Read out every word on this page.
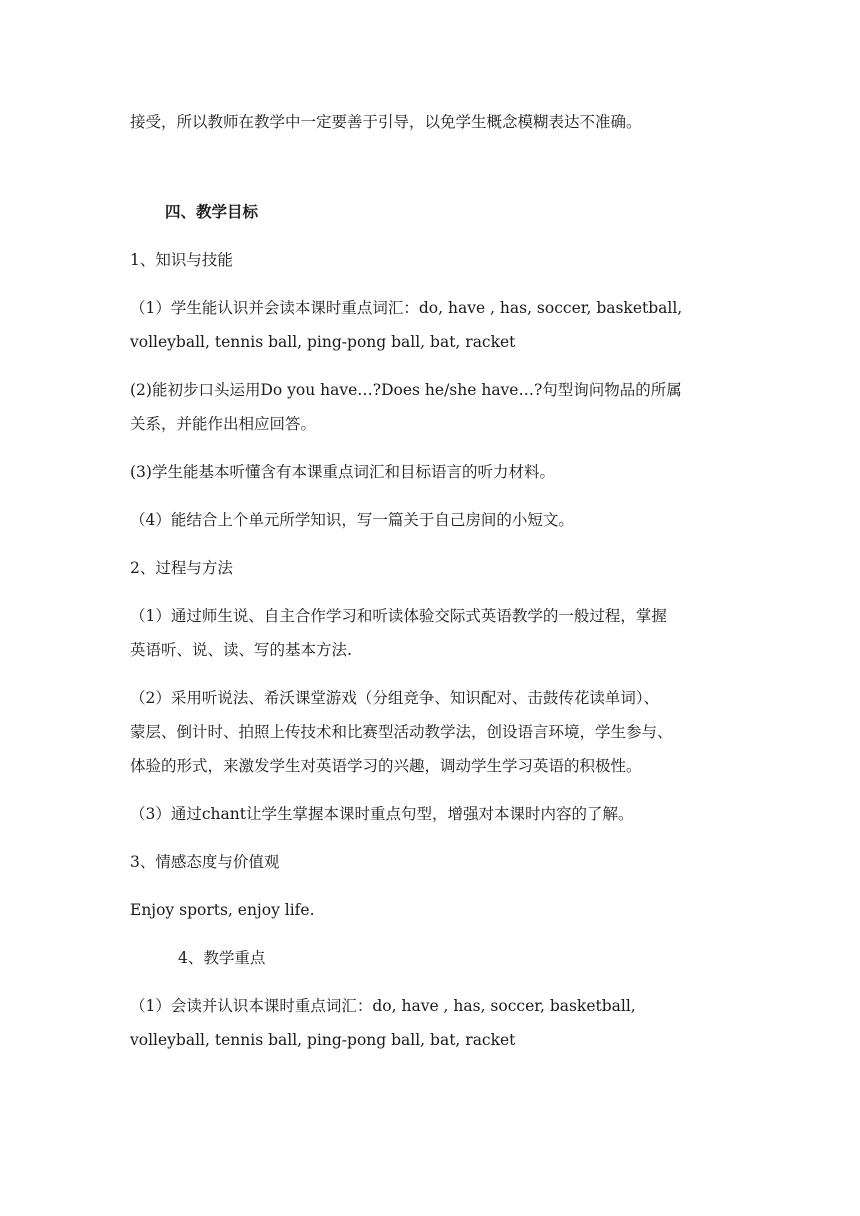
接受，所以教师在教学中一定要善于引导，以免学生概念模糊表达不准确。
四、教学目标
1、知识与技能
（1）学生能认识并会读本课时重点词汇：do, have , has, soccer, basketball,
volleyball, tennis ball, ping-pong ball, bat, racket
(2)能初步口头运用Do you have…?Does he/she have…?句型询问物品的所属
关系，并能作出相应回答。
(3)学生能基本听懂含有本课重点词汇和目标语言的听力材料。
（4）能结合上个单元所学知识，写一篇关于自己房间的小短文。
2、过程与方法
（1）通过师生说、自主合作学习和听读体验交际式英语教学的一般过程，掌握
英语听、说、读、写的基本方法.
（2）采用听说法、希沃课堂游戏（分组竞争、知识配对、击鼓传花读单词）、
蒙层、倒计时、拍照上传技术和比赛型活动教学法，创设语言环境，学生参与、
体验的形式，来激发学生对英语学习的兴趣，调动学生学习英语的积极性。
（3）通过chant让学生掌握本课时重点句型，增强对本课时内容的了解。
3、情感态度与价值观
Enjoy sports, enjoy life.
4、教学重点
（1）会读并认识本课时重点词汇：do, have , has, soccer, basketball,
volleyball, tennis ball, ping-pong ball, bat, racket
